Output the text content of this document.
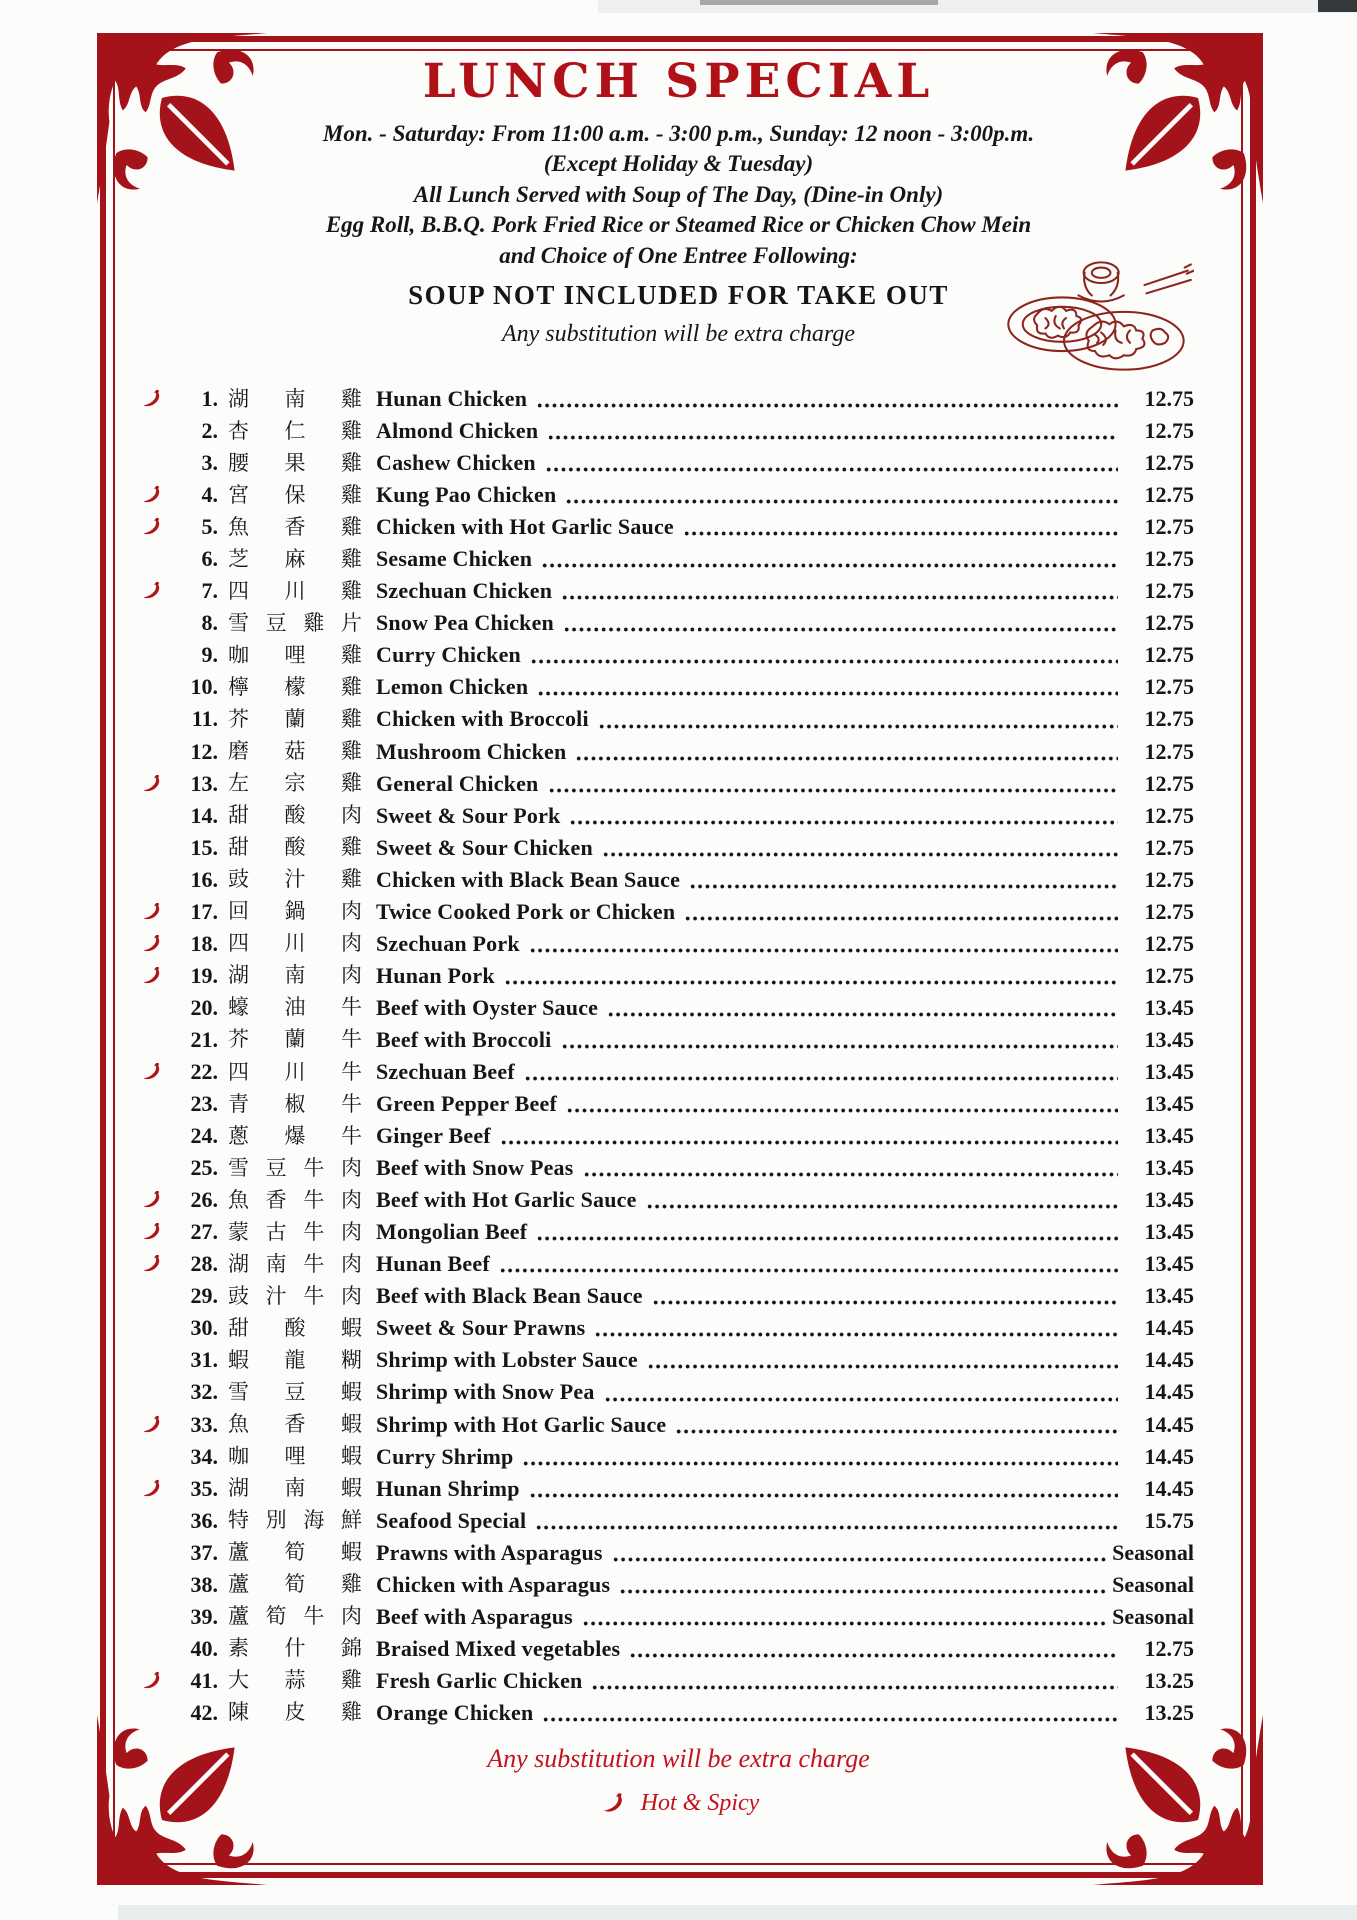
LUNCH SPECIAL
Mon. - Saturday: From 11:00 a.m. - 3:00 p.m., Sunday: 12 noon - 3:00p.m.
(Except Holiday & Tuesday)
All Lunch Served with Soup of The Day, (Dine-in Only)
Egg Roll, B.B.Q. Pork Fried Rice or Steamed Rice or Chicken Chow Mein
and Choice of One Entree Following:
SOUP NOT INCLUDED FOR TAKE OUT
Any substitution will be extra charge
1. 湖 南 雞 Hunan Chicken	12.75
2. 杏 仁 雞 Almond Chicken	12.75
3. 腰 果 雞 Cashew Chicken	12.75
4. 宮 保 雞 Kung Pao Chicken	12.75
5. 魚 香 雞 Chicken with Hot Garlic Sauce	12.75
6. 芝 麻 雞 Sesame Chicken	12.75
7. 四 川 雞 Szechuan Chicken	12.75
8. 雪 豆 雞 片 Snow Pea Chicken	12.75
9. 咖 哩 雞 Curry Chicken	12.75
10. 檸 檬 雞 Lemon Chicken	12.75
11. 芥 蘭 雞 Chicken with Broccoli	12.75
12. 磨 菇 雞 Mushroom Chicken	12.75
13. 左 宗 雞 General Chicken	12.75
14. 甜 酸 肉 Sweet & Sour Pork	12.75
15. 甜 酸 雞 Sweet & Sour Chicken	12.75
16. 豉 汁 雞 Chicken with Black Bean Sauce	12.75
17. 回 鍋 肉 Twice Cooked Pork or Chicken	12.75
18. 四 川 肉 Szechuan Pork	12.75
19. 湖 南 肉 Hunan Pork	12.75
20. 蠔 油 牛 Beef with Oyster Sauce	13.45
21. 芥 蘭 牛 Beef with Broccoli	13.45
22. 四 川 牛 Szechuan Beef	13.45
23. 青 椒 牛 Green Pepper Beef	13.45
24. 蔥 爆 牛 Ginger Beef	13.45
25. 雪 豆 牛 肉 Beef with Snow Peas	13.45
26. 魚 香 牛 肉 Beef with Hot Garlic Sauce	13.45
27. 蒙 古 牛 肉 Mongolian Beef	13.45
28. 湖 南 牛 肉 Hunan Beef	13.45
29. 豉 汁 牛 肉 Beef with Black Bean Sauce	13.45
30. 甜 酸 蝦 Sweet & Sour Prawns	14.45
31. 蝦 龍 糊 Shrimp with Lobster Sauce	14.45
32. 雪 豆 蝦 Shrimp with Snow Pea	14.45
33. 魚 香 蝦 Shrimp with Hot Garlic Sauce	14.45
34. 咖 哩 蝦 Curry Shrimp	14.45
35. 湖 南 蝦 Hunan Shrimp	14.45
36. 特 別 海 鮮 Seafood Special	15.75
37. 蘆 筍 蝦 Prawns with Asparagus	Seasonal
38. 蘆 筍 雞 Chicken with Asparagus	Seasonal
39. 蘆 筍 牛 肉 Beef with Asparagus	Seasonal
40. 素 什 錦 Braised Mixed vegetables	12.75
41. 大 蒜 雞 Fresh Garlic Chicken	13.25
42. 陳 皮 雞 Orange Chicken	13.25
Any substitution will be extra charge
Hot & Spicy
